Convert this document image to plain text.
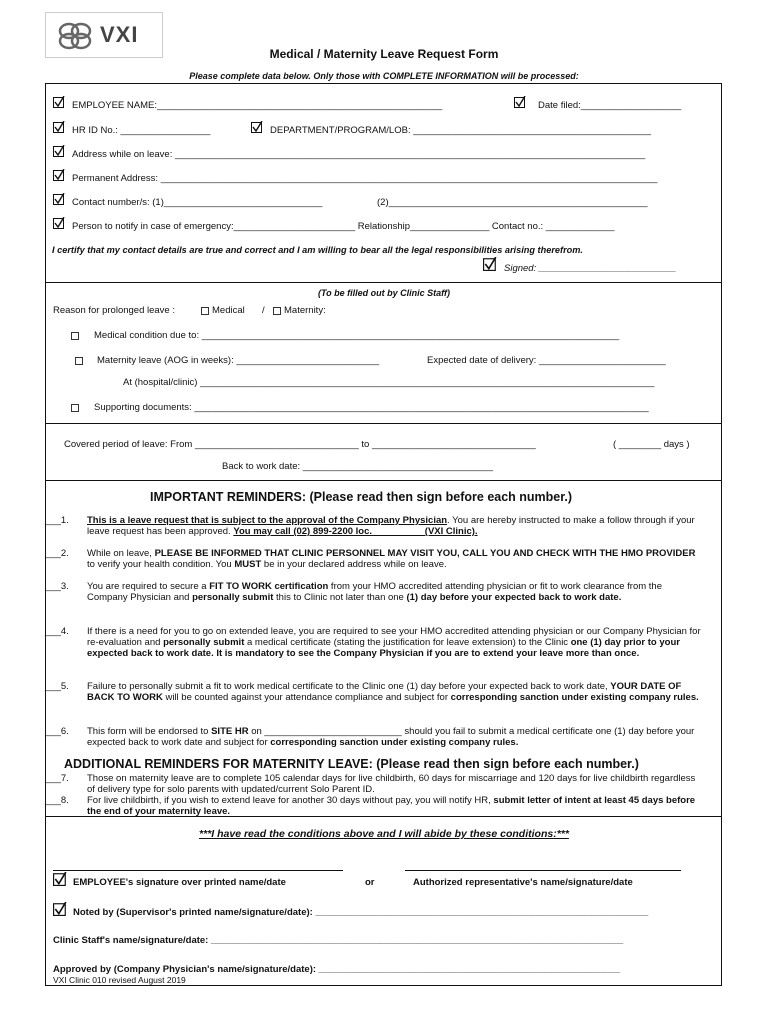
VXI
Medical / Maternity Leave Request Form
Please complete data below. Only those with COMPLETE INFORMATION will be processed:
EMPLOYEE NAME:______________________________________________________	Date filed:___________________
HR ID No.: _________________	DEPARTMENT/PROGRAM/LOB: _____________________________________________
Address while on leave: _________________________________________________________________________________________
Permanent Address: ______________________________________________________________________________________________
Contact number/s: (1)______________________________	(2)_________________________________________________
Person to notify in case of emergency:_______________________ Relationship_______________ Contact no.: _____________
I certify that my contact details are true and correct and I am willing to bear all the legal responsibilities arising therefrom.
Signed: __________________________
(To be filled out by Clinic Staff)
Reason for prolonged leave :	Medical / Maternity:
Medical condition due to: _______________________________________________________________________________
Maternity leave (AOG in weeks): ___________________________	Expected date of delivery: ________________________
At (hospital/clinic) ______________________________________________________________________________________
Supporting documents: ______________________________________________________________________________________
Covered period of leave: From _______________________________ to _______________________________	( ________ days )
Back to work date: ____________________________________
IMPORTANT REMINDERS: (Please read then sign before each number.)
___1.	This is a leave request that is subject to the approval of the Company Physician. You are hereby instructed to make a follow through if your leave request has been approved. You may call (02) 899-2200 loc.                    (VXI Clinic).
___2.	While on leave, PLEASE BE INFORMED THAT CLINIC PERSONNEL MAY VISIT YOU, CALL YOU AND CHECK WITH THE HMO PROVIDER to verify your health condition. You MUST be in your declared address while on leave.
___3.	You are required to secure a FIT TO WORK certification from your HMO accredited attending physician or fit to work clearance from the Company Physician and personally submit this to Clinic not later than one (1) day before your expected back to work date.
___4.	If there is a need for you to go on extended leave, you are required to see your HMO accredited attending physician or our Company Physician for re-evaluation and personally submit a medical certificate (stating the justification for leave extension) to the Clinic one (1) day prior to your expected back to work date. It is mandatory to see the Company Physician if you are to extend your leave more than once.
___5.	Failure to personally submit a fit to work medical certificate to the Clinic one (1) day before your expected back to work date, YOUR DATE OF BACK TO WORK will be counted against your attendance compliance and subject for corresponding sanction under existing company rules.
___6.	This form will be endorsed to SITE HR on __________________________ should you fail to submit a medical certificate one (1) day before your expected back to work date and subject for corresponding sanction under existing company rules.
ADDITIONAL REMINDERS FOR MATERNITY LEAVE: (Please read then sign before each number.)
___7.	Those on maternity leave are to complete 105 calendar days for live childbirth, 60 days for miscarriage and 120 days for live childbirth regardless of delivery type for solo parents with updated/current Solo Parent ID.
___8.	For live childbirth, if you wish to extend leave for another 30 days without pay, you will notify HR, submit letter of intent at least 45 days before the end of your maternity leave.
***I have read the conditions above and I will abide by these conditions:***
EMPLOYEE's signature over printed name/date	or	Authorized representative's name/signature/date
Noted by (Supervisor's printed name/signature/date): _______________________________________________________________
Clinic Staff's name/signature/date: ______________________________________________________________________________
Approved by (Company Physician's name/signature/date): _________________________________________________________
VXI Clinic 010 revised August 2019
